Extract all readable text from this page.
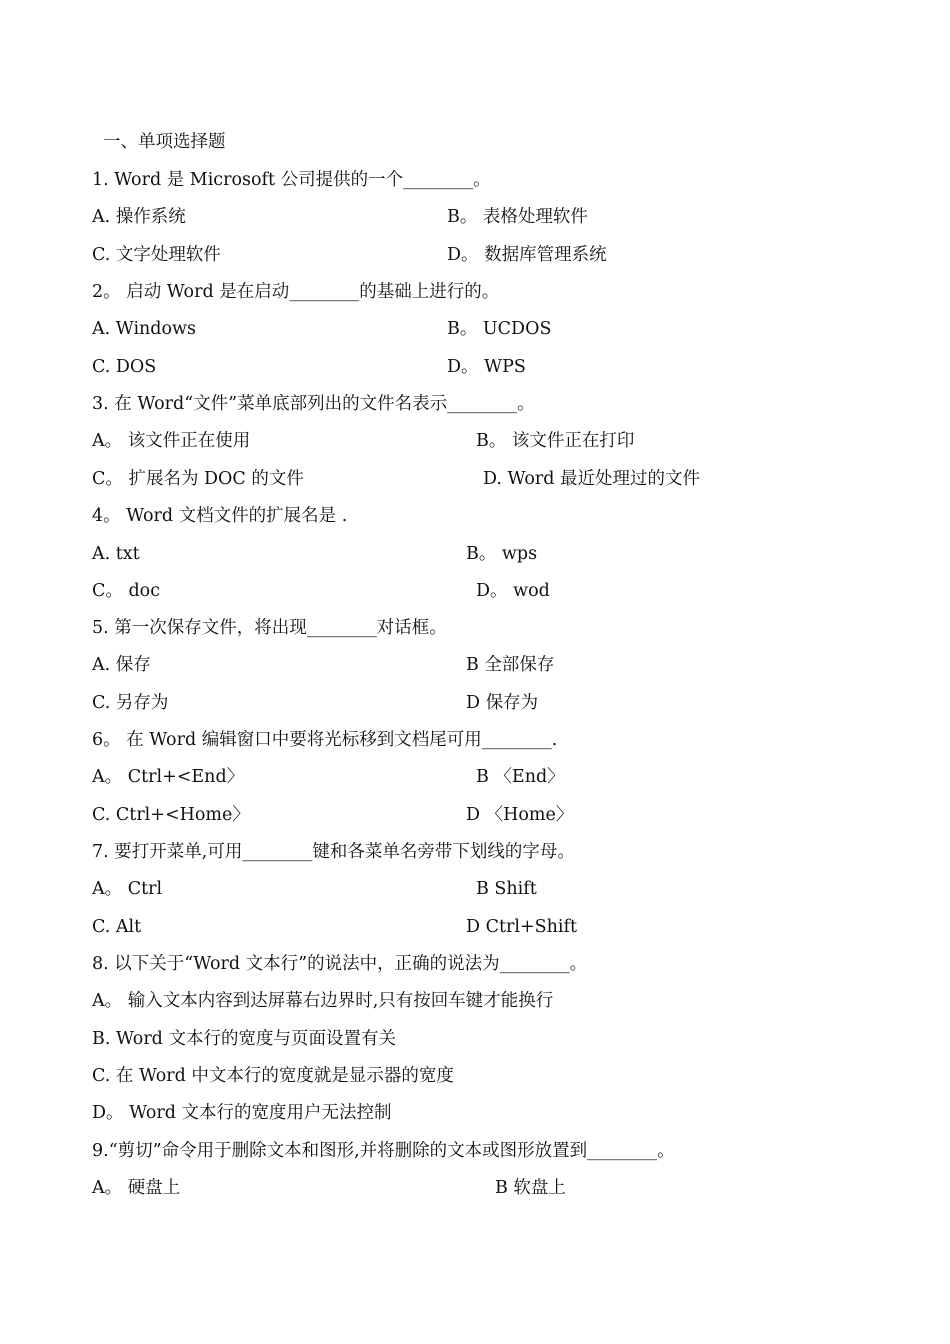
一、单项选择题
1. Word 是 Microsoft 公司提供的一个________。
A. 操作系统	B。 表格处理软件
C. 文字处理软件	D。 数据库管理系统
2。 启动 Word 是在启动________的基础上进行的。
A. Windows	B。 UCDOS
C. DOS	D。 WPS
3. 在 Word“文件”菜单底部列出的文件名表示________。
A。 该文件正在使用	B。 该文件正在打印
C。 扩展名为 DOC 的文件	D. Word 最近处理过的文件
4。 Word 文档文件的扩展名是 .
A. txt	B。 wps
C。 doc	D。 wod
5. 第一次保存文件，将出现________对话框。
A. 保存	B 全部保存
C. 另存为	D 保存为
6。 在 Word 编辑窗口中要将光标移到文档尾可用________.
A。 Ctrl+<End〉	B 〈End〉
C. Ctrl+<Home〉	D 〈Home〉
7. 要打开菜单,可用________键和各菜单名旁带下划线的字母。
A。 Ctrl	B Shift
C. Alt	D Ctrl+Shift
8. 以下关于“Word 文本行”的说法中，正确的说法为________。
A。 输入文本内容到达屏幕右边界时,只有按回车键才能换行
B. Word 文本行的宽度与页面设置有关
C. 在 Word 中文本行的宽度就是显示器的宽度
D。 Word 文本行的宽度用户无法控制
9.“剪切”命令用于删除文本和图形,并将删除的文本或图形放置到________。
A。 硬盘上	B 软盘上
